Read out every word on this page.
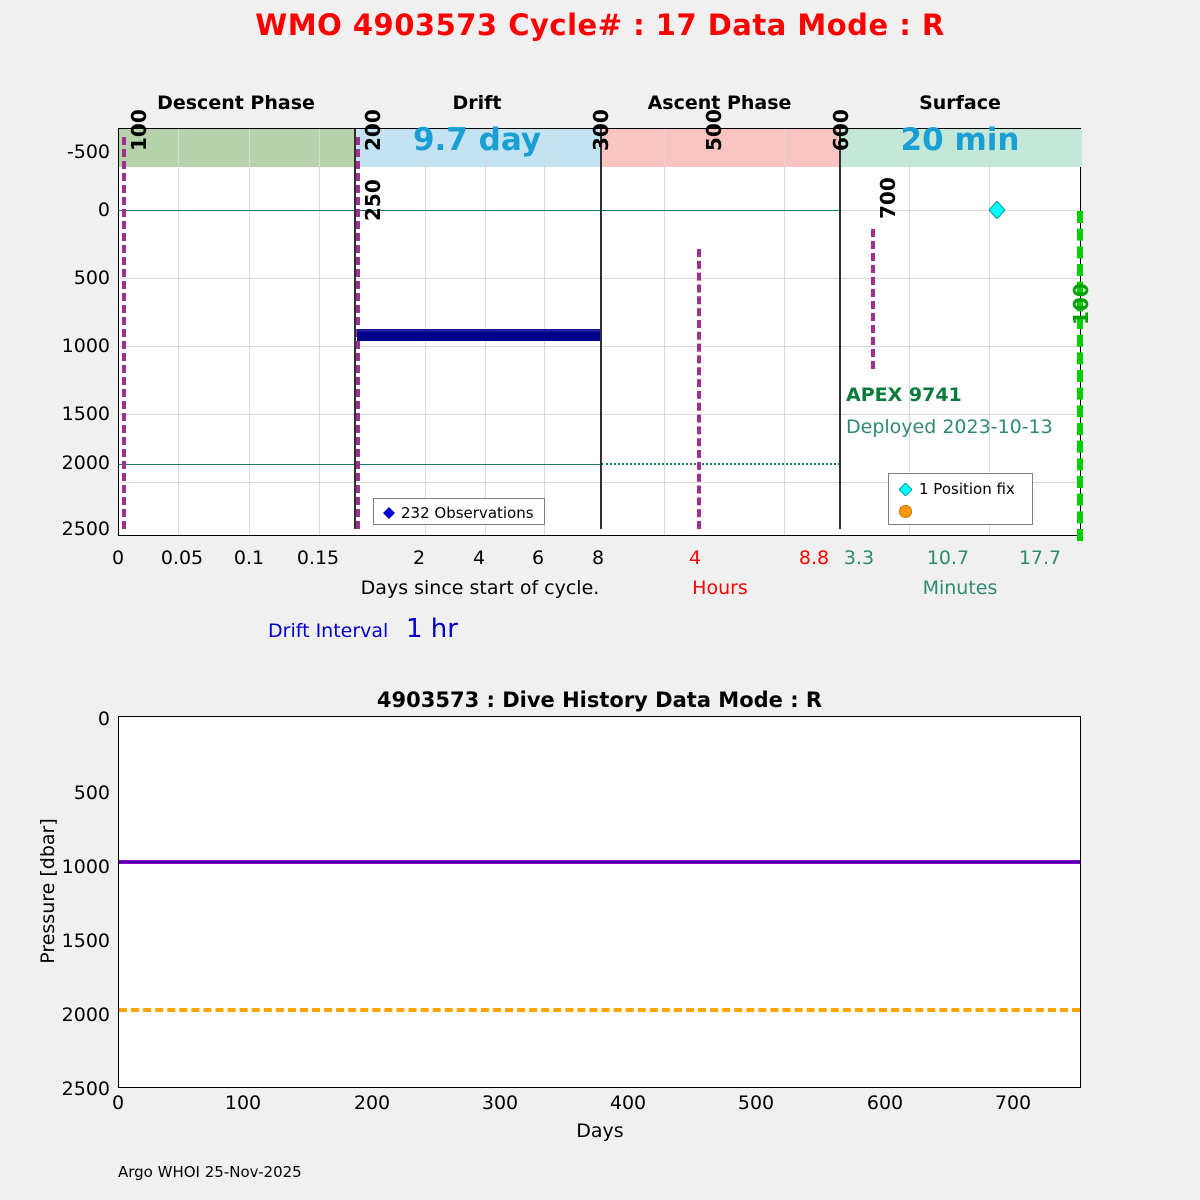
WMO 4903573 Cycle# : 17 Data Mode : R
100	200
250
300	500	600
700
100
APEX 9741
Deployed 2023-10-13
232 Observations
1 Position fix
Descent Phase	Drift	Ascent Phase	Surface
9.7 day	20 min
-500
0
500
1000
1500
2000
2500
0	0.05	0.1	0.15	2	4	6	8	4	8.8 3.3	10.7	17.7
Days since start of cycle.	Hours	Minutes
Drift Interval 1 hr
4903573 : Dive History Data Mode : R
0
500
1000
1500
2000
2500
0	100	200	300	400	500	600	700
Days
Pressure [dbar]
Argo WHOI 25-Nov-2025
